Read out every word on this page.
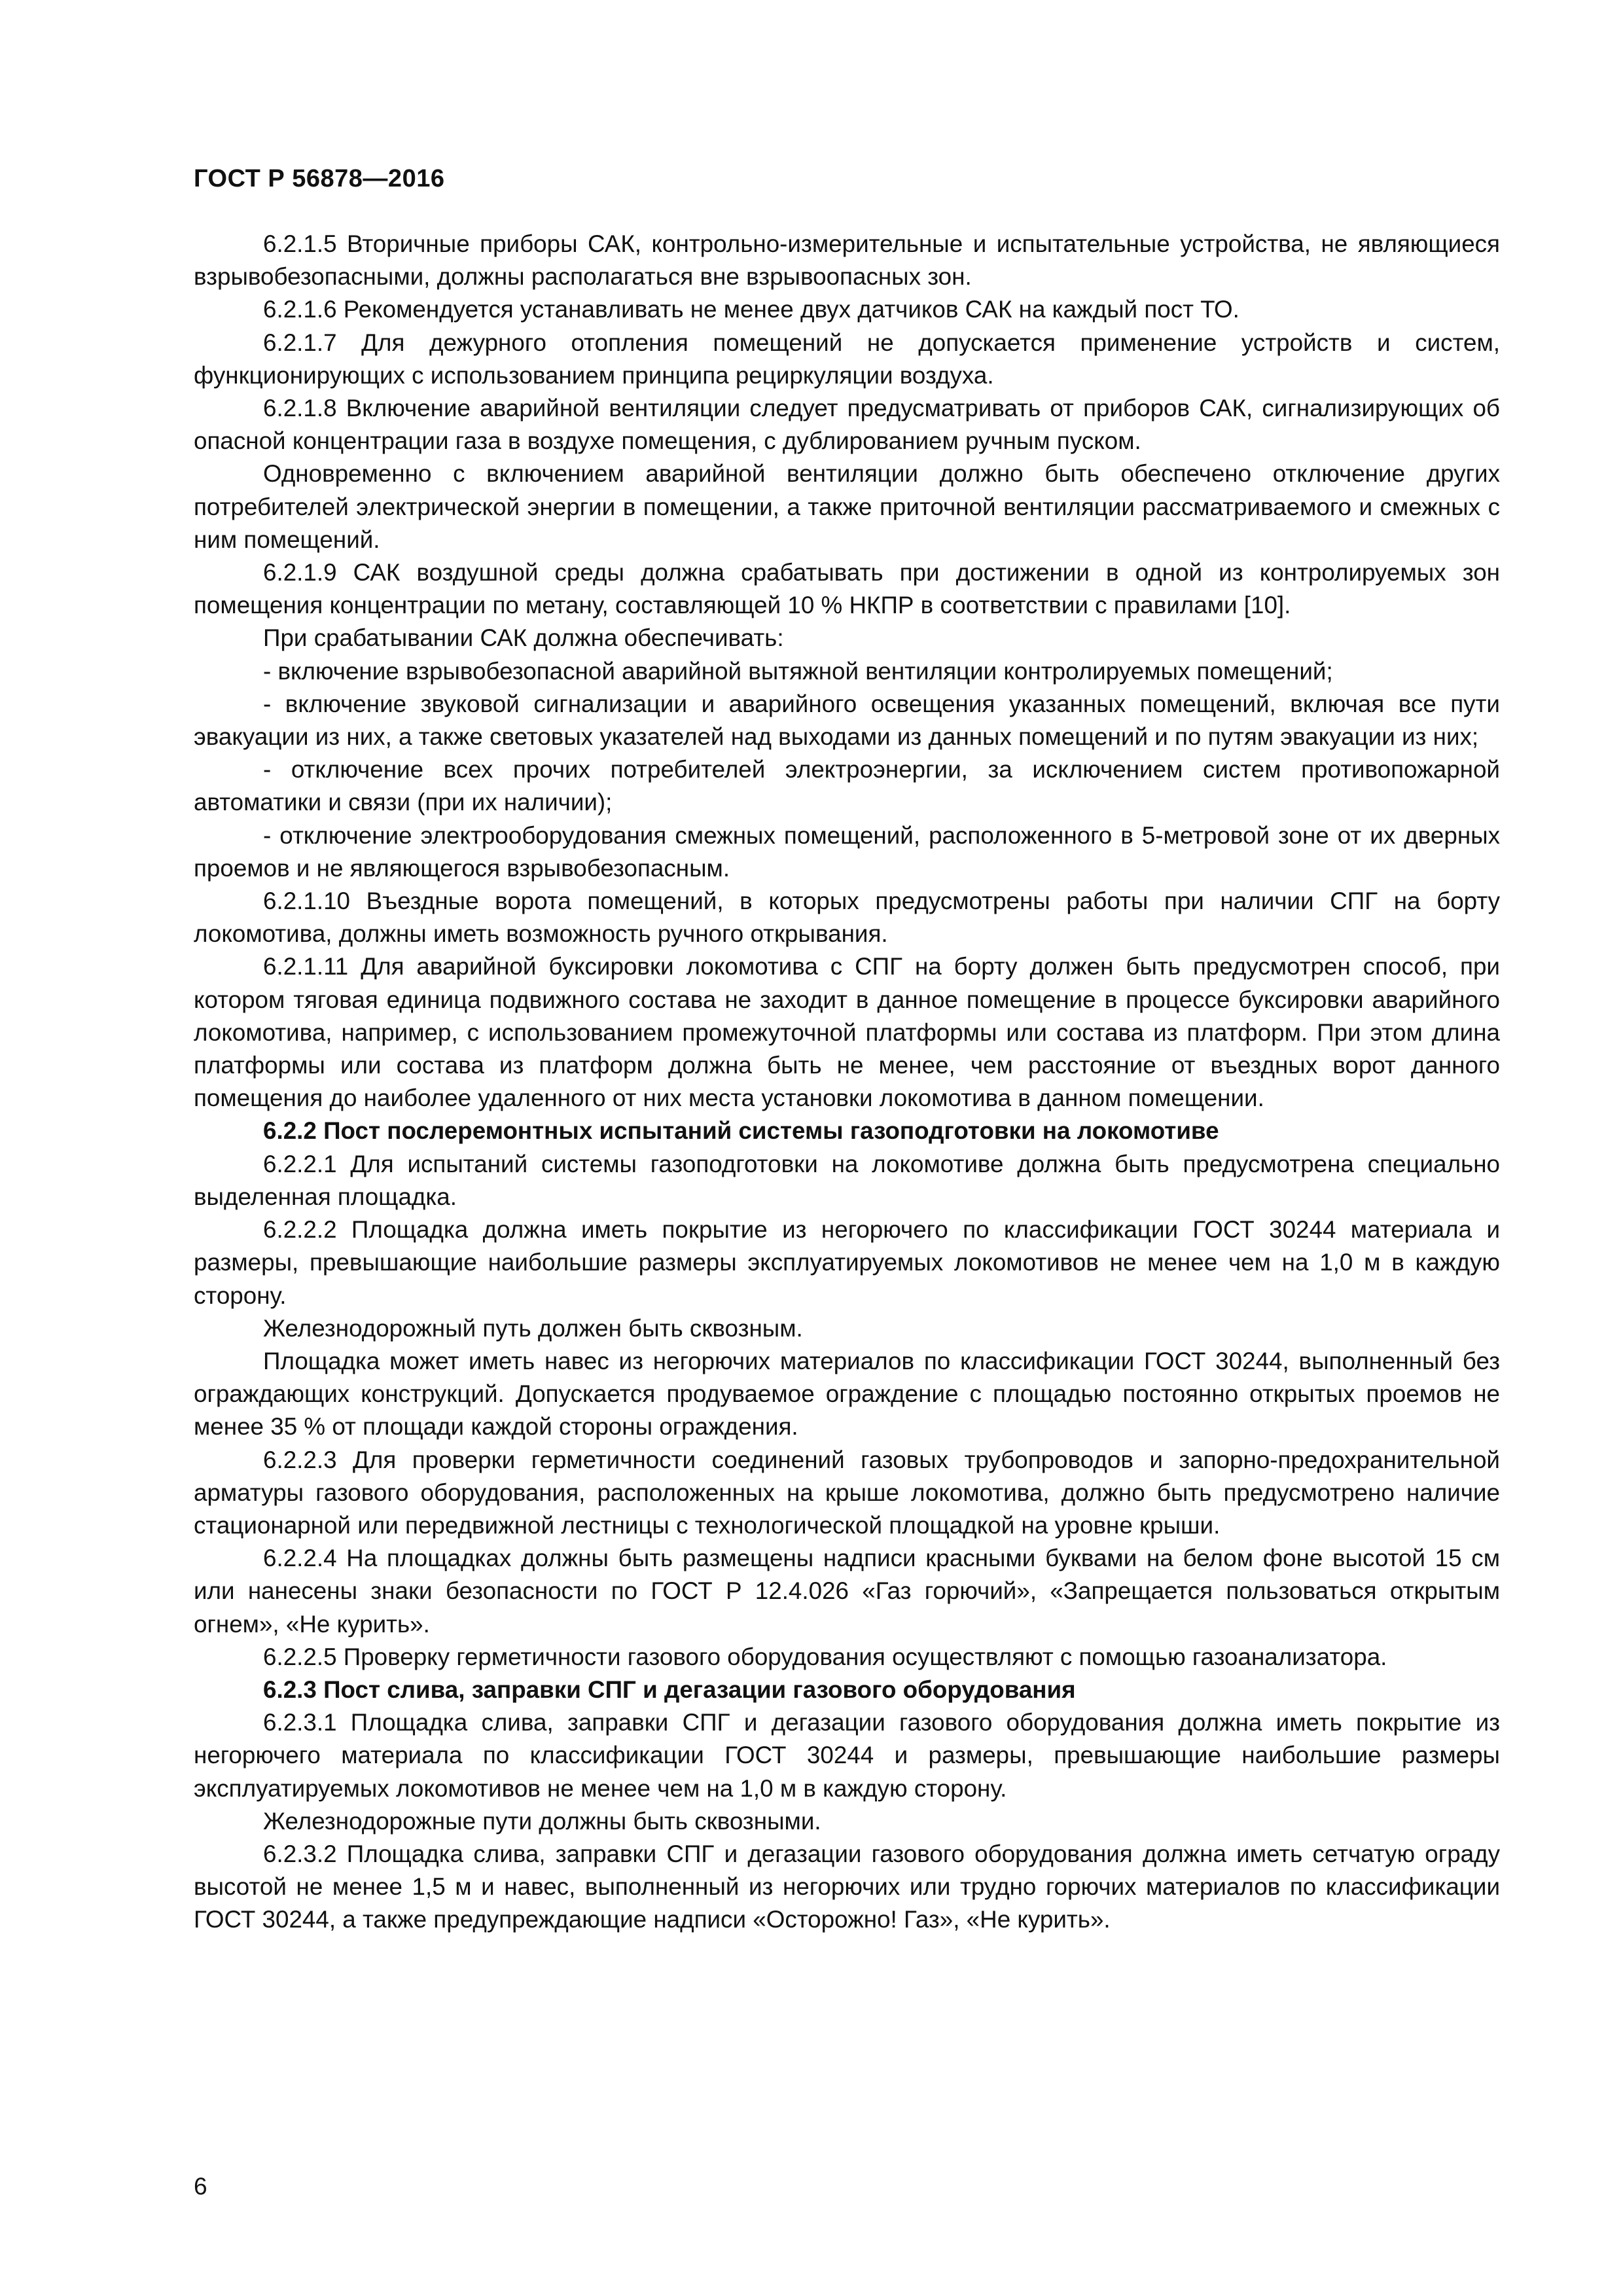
ГОСТ Р 56878—2016

6.2.1.5 Вторичные приборы САК, контрольно-измерительные и испытательные устройства, не являющиеся взрывобезопасными, должны располагаться вне взрывоопасных зон.

6.2.1.6 Рекомендуется устанавливать не менее двух датчиков САК на каждый пост ТО.

6.2.1.7 Для дежурного отопления помещений не допускается применение устройств и систем, функционирующих с использованием принципа рециркуляции воздуха.

6.2.1.8 Включение аварийной вентиляции следует предусматривать от приборов САК, сигнализирующих об опасной концентрации газа в воздухе помещения, с дублированием ручным пуском.

Одновременно с включением аварийной вентиляции должно быть обеспечено отключение других потребителей электрической энергии в помещении, а также приточной вентиляции рассматриваемого и смежных с ним помещений.

6.2.1.9 САК воздушной среды должна срабатывать при достижении в одной из контролируемых зон помещения концентрации по метану, составляющей 10 % НКПР в соответствии с правилами [10].

При срабатывании САК должна обеспечивать:

- включение взрывобезопасной аварийной вытяжной вентиляции контролируемых помещений;

- включение звуковой сигнализации и аварийного освещения указанных помещений, включая все пути эвакуации из них, а также световых указателей над выходами из данных помещений и по путям эвакуации из них;

- отключение всех прочих потребителей электроэнергии, за исключением систем противопожарной автоматики и связи (при их наличии);

- отключение электрооборудования смежных помещений, расположенного в 5-метровой зоне от их дверных проемов и не являющегося взрывобезопасным.

6.2.1.10 Въездные ворота помещений, в которых предусмотрены работы при наличии СПГ на борту локомотива, должны иметь возможность ручного открывания.

6.2.1.11 Для аварийной буксировки локомотива с СПГ на борту должен быть предусмотрен способ, при котором тяговая единица подвижного состава не заходит в данное помещение в процессе буксировки аварийного локомотива, например, с использованием промежуточной платформы или состава из платформ. При этом длина платформы или состава из платформ должна быть не менее, чем расстояние от въездных ворот данного помещения до наиболее удаленного от них места установки локомотива в данном помещении.

6.2.2 Пост послеремонтных испытаний системы газоподготовки на локомотиве

6.2.2.1 Для испытаний системы газоподготовки на локомотиве должна быть предусмотрена специально выделенная площадка.

6.2.2.2 Площадка должна иметь покрытие из негорючего по классификации ГОСТ 30244 материала и размеры, превышающие наибольшие размеры эксплуатируемых локомотивов не менее чем на 1,0 м в каждую сторону.

Железнодорожный путь должен быть сквозным.

Площадка может иметь навес из негорючих материалов по классификации ГОСТ 30244, выполненный без ограждающих конструкций. Допускается продуваемое ограждение с площадью постоянно открытых проемов не менее 35 % от площади каждой стороны ограждения.

6.2.2.3 Для проверки герметичности соединений газовых трубопроводов и запорно-предохранительной арматуры газового оборудования, расположенных на крыше локомотива, должно быть предусмотрено наличие стационарной или передвижной лестницы с технологической площадкой на уровне крыши.

6.2.2.4 На площадках должны быть размещены надписи красными буквами на белом фоне высотой 15 см или нанесены знаки безопасности по ГОСТ Р 12.4.026 «Газ горючий», «Запрещается пользоваться открытым огнем», «Не курить».

6.2.2.5 Проверку герметичности газового оборудования осуществляют с помощью газоанализатора.

6.2.3 Пост слива, заправки СПГ и дегазации газового оборудования

6.2.3.1 Площадка слива, заправки СПГ и дегазации газового оборудования должна иметь покрытие из негорючего материала по классификации ГОСТ 30244 и размеры, превышающие наибольшие размеры эксплуатируемых локомотивов не менее чем на 1,0 м в каждую сторону.

Железнодорожные пути должны быть сквозными.

6.2.3.2 Площадка слива, заправки СПГ и дегазации газового оборудования должна иметь сетчатую ограду высотой не менее 1,5 м и навес, выполненный из негорючих или трудно горючих материалов по классификации ГОСТ 30244, а также предупреждающие надписи «Осторожно! Газ», «Не курить».

6
